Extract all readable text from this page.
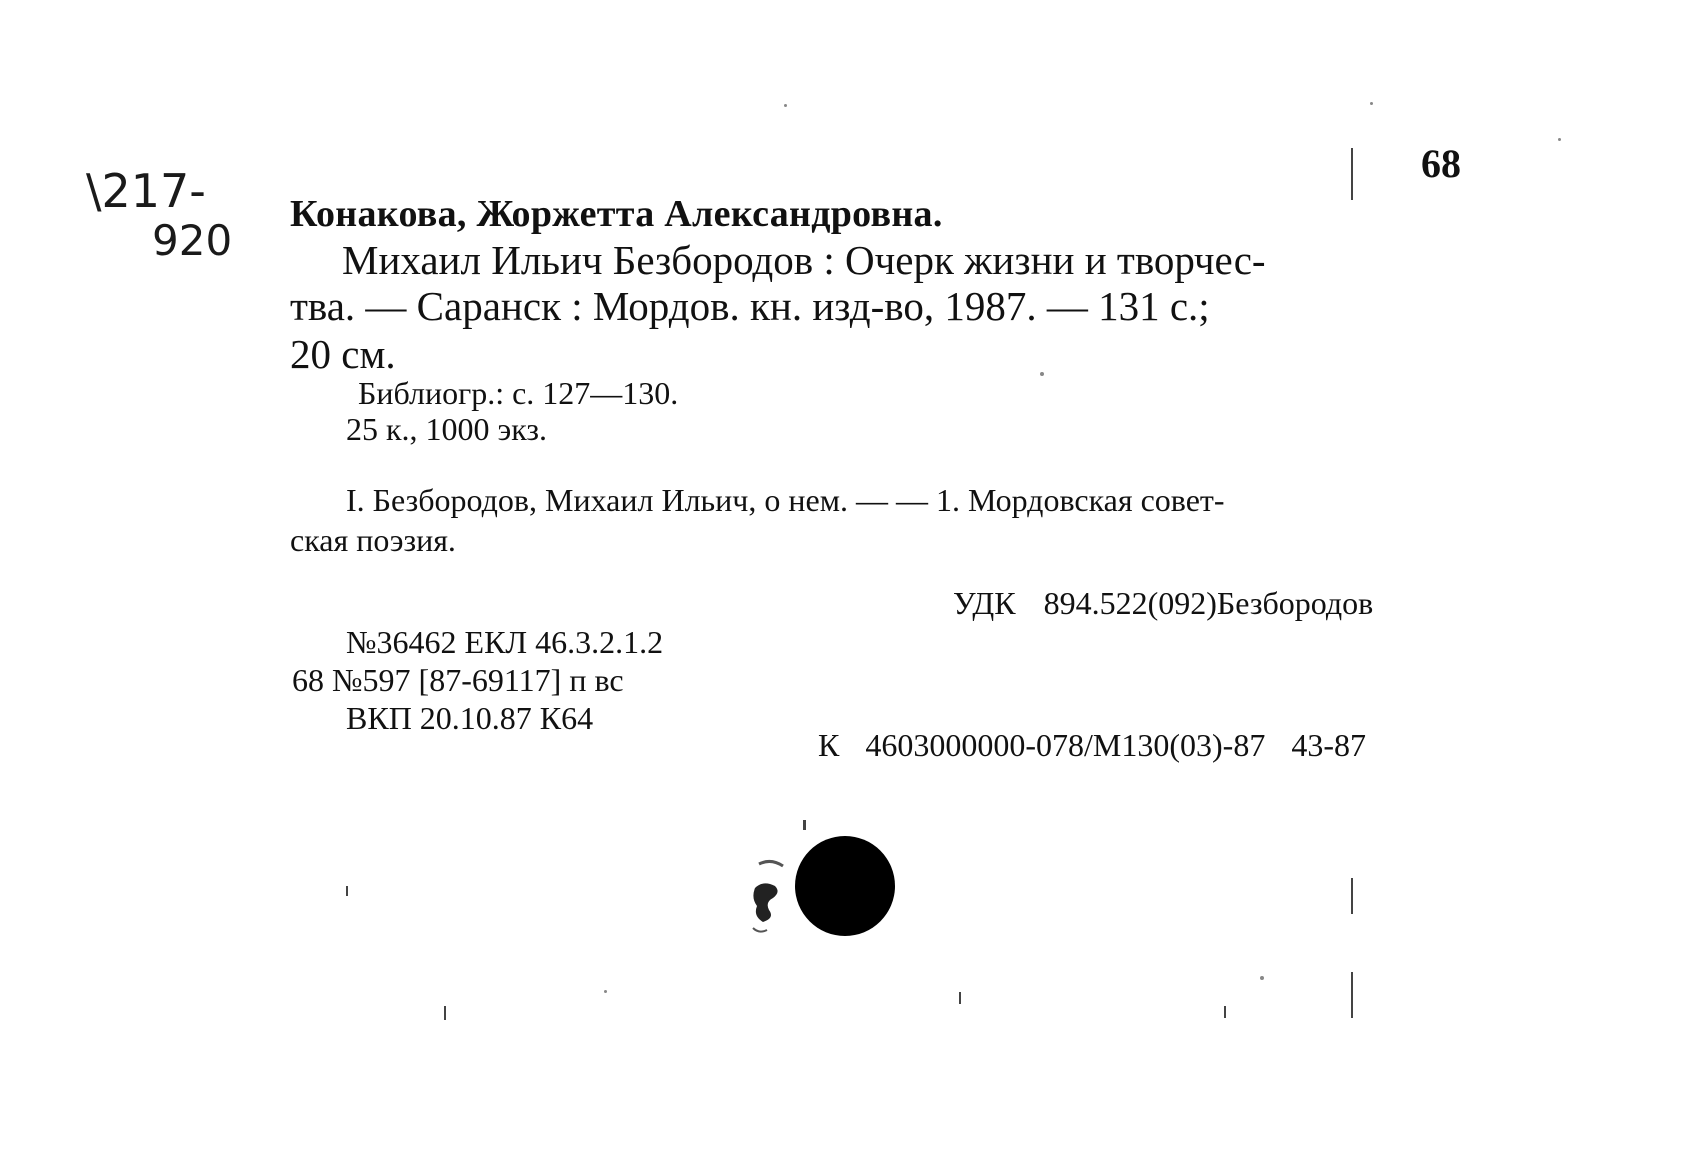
\217-
920
68
Конакова, Жоржетта Александровна.
Михаил Ильич Безбородов : Очерк жизни и творчес-
тва. — Саранск : Мордов. кн. изд-во, 1987. — 131 с.;
20 см.
Библиогр.: с. 127—130.
25 к., 1000 экз.
I. Безбородов, Михаил Ильич, о нем. — — 1. Мордовская совет-
ская поэзия.
УДК 894.522(092)Безбородов
№36462 ЕКЛ 46.3.2.1.2
68 №597 [87-69117] п вс
ВКП 20.10.87 К64
К 4603000000-078/М130(03)-87 43-87
